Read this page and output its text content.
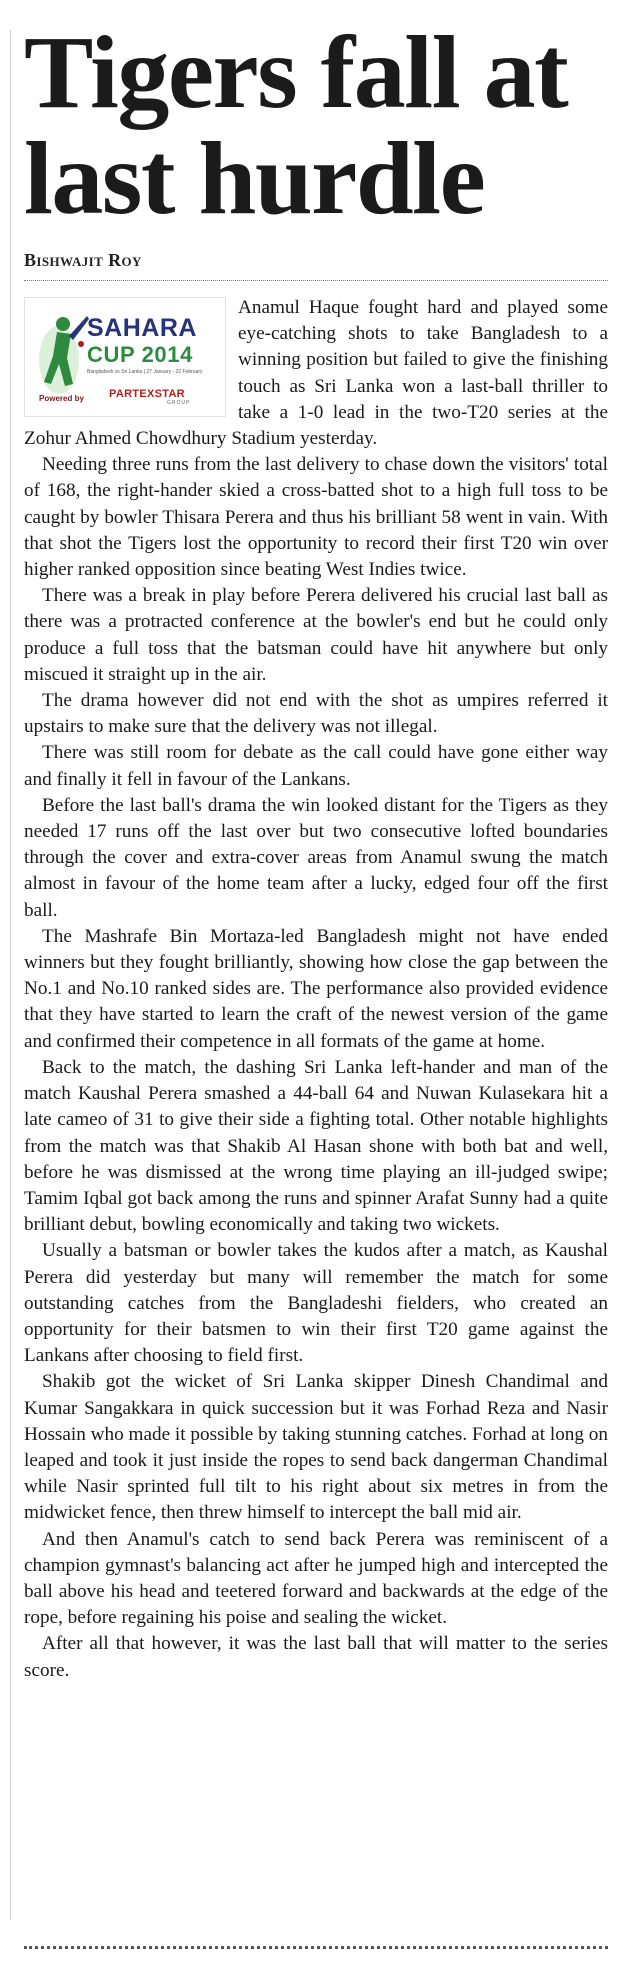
Tigers fall at last hurdle
Bishwajit Roy
SAHARA
CUP 2014
Bangladesh vs Sri Lanka | 27 January - 22 February
Powered by PARTEXSTAR
GROUP

Anamul Haque fought hard and played some eye-catching shots to take Bangladesh to a winning position but failed to give the finishing touch as Sri Lanka won a last-ball thriller to take a 1-0 lead in the two-T20 series at the Zohur Ahmed Chowdhury Stadium yesterday.

Needing three runs from the last delivery to chase down the visitors' total of 168, the right-hander skied a cross-batted shot to a high full toss to be caught by bowler Thisara Perera and thus his brilliant 58 went in vain. With that shot the Tigers lost the opportunity to record their first T20 win over higher ranked opposition since beating West Indies twice.

There was a break in play before Perera delivered his crucial last ball as there was a protracted conference at the bowler's end but he could only produce a full toss that the batsman could have hit anywhere but only miscued it straight up in the air.

The drama however did not end with the shot as umpires referred it upstairs to make sure that the delivery was not illegal.

There was still room for debate as the call could have gone either way and finally it fell in favour of the Lankans.

Before the last ball's drama the win looked distant for the Tigers as they needed 17 runs off the last over but two consecutive lofted boundaries through the cover and extra-cover areas from Anamul swung the match almost in favour of the home team after a lucky, edged four off the first ball.

The Mashrafe Bin Mortaza-led Bangladesh might not have ended winners but they fought brilliantly, showing how close the gap between the No.1 and No.10 ranked sides are. The performance also provided evidence that they have started to learn the craft of the newest version of the game and confirmed their competence in all formats of the game at home.

Back to the match, the dashing Sri Lanka left-hander and man of the match Kaushal Perera smashed a 44-ball 64 and Nuwan Kulasekara hit a late cameo of 31 to give their side a fighting total. Other notable highlights from the match was that Shakib Al Hasan shone with both bat and well, before he was dismissed at the wrong time playing an ill-judged swipe; Tamim Iqbal got back among the runs and spinner Arafat Sunny had a quite brilliant debut, bowling economically and taking two wickets.

Usually a batsman or bowler takes the kudos after a match, as Kaushal Perera did yesterday but many will remember the match for some outstanding catches from the Bangladeshi fielders, who created an opportunity for their batsmen to win their first T20 game against the Lankans after choosing to field first.

Shakib got the wicket of Sri Lanka skipper Dinesh Chandimal and Kumar Sangakkara in quick succession but it was Forhad Reza and Nasir Hossain who made it possible by taking stunning catches. Forhad at long on leaped and took it just inside the ropes to send back dangerman Chandimal while Nasir sprinted full tilt to his right about six metres in from the midwicket fence, then threw himself to intercept the ball mid air.

And then Anamul's catch to send back Perera was reminiscent of a champion gymnast's balancing act after he jumped high and intercepted the ball above his head and teetered forward and backwards at the edge of the rope, before regaining his poise and sealing the wicket.

After all that however, it was the last ball that will matter to the series score.
